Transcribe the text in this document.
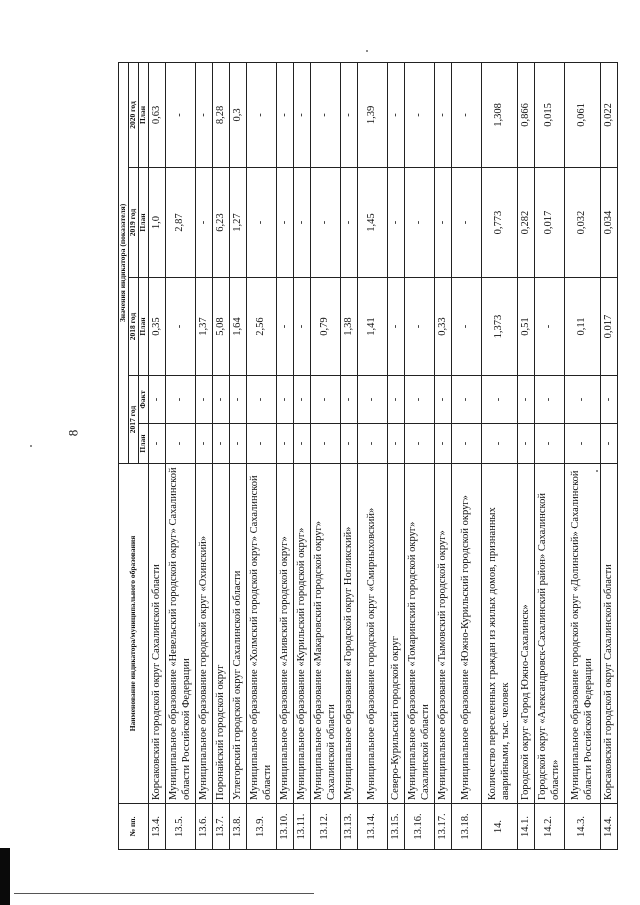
8
№ пп.	Наименование индикатора/муниципального образования	Значения индикатора (показателя)				
		2017 год		2018 год	2019 год	2020 год
		План	Факт	План	План	План
13.4.	Корсаковский городской округ Сахалинской области	-	-	0,35	1,0	0,63
13.5.	Муниципальное образование «Невельский городской округ» Сахалинской области Российской Федерации	-	-	-	2,87	-
13.6.	Муниципальное образование городской округ «Охинский»	-	-	1,37	-	-
13.7.	Поронайский городской округ	-	-	5,08	6,23	8,28
13.8.	Углегорский городской округ Сахалинской области	-	-	1,64	1,27	0,3
13.9.	Муниципальное образование «Холмский городской округ» Сахалинской области	-	-	2,56	-	-
13.10.	Муниципальное образование «Анивский городской округ»	-	-	-	-	-
13.11.	Муниципальное образование «Курильский городской округ»	-	-	-	-	-
13.12.	Муниципальное образование «Макаровский городской округ» Сахалинской области	-	-	0,79	-	-
13.13.	Муниципальное образование «Городской округ Ногликский»	-	-	1,38	-	-
13.14.	Муниципальное образование городской округ «Смирныховский»	-	-	1,41	1,45	1,39
13.15.	Северо-Курильский городской округ	-	-	-	-	-
13.16.	Муниципальное образование «Томаринский городской округ» Сахалинской области	-	-	-	-	-
13.17.	Муниципальное образование «Тымовский городской округ»	-	-	0,33	-	-
13.18.	Муниципальное образование «Южно-Курильский городской округ»	-	-	-	-	-
14.	Количество переселенных граждан из жилых домов, признанных аварийными, тыс. человек	-	-	1,373	0,773	1,308
14.1.	Городской округ «Город Южно-Сахалинск»	-	-	0,51	0,282	0,866
14.2.	Городской округ «Александровск-Сахалинский район» Сахалинской области»	-	-	-	0,017	0,015
14.3.	Муниципальное образование городской округ «Долинский» Сахалинской области Российской Федерации	-	-	0,11	0,032	0,061
14.4.	Корсаковский городской округ Сахалинской области	-	-	0,017	0,034	0,022
